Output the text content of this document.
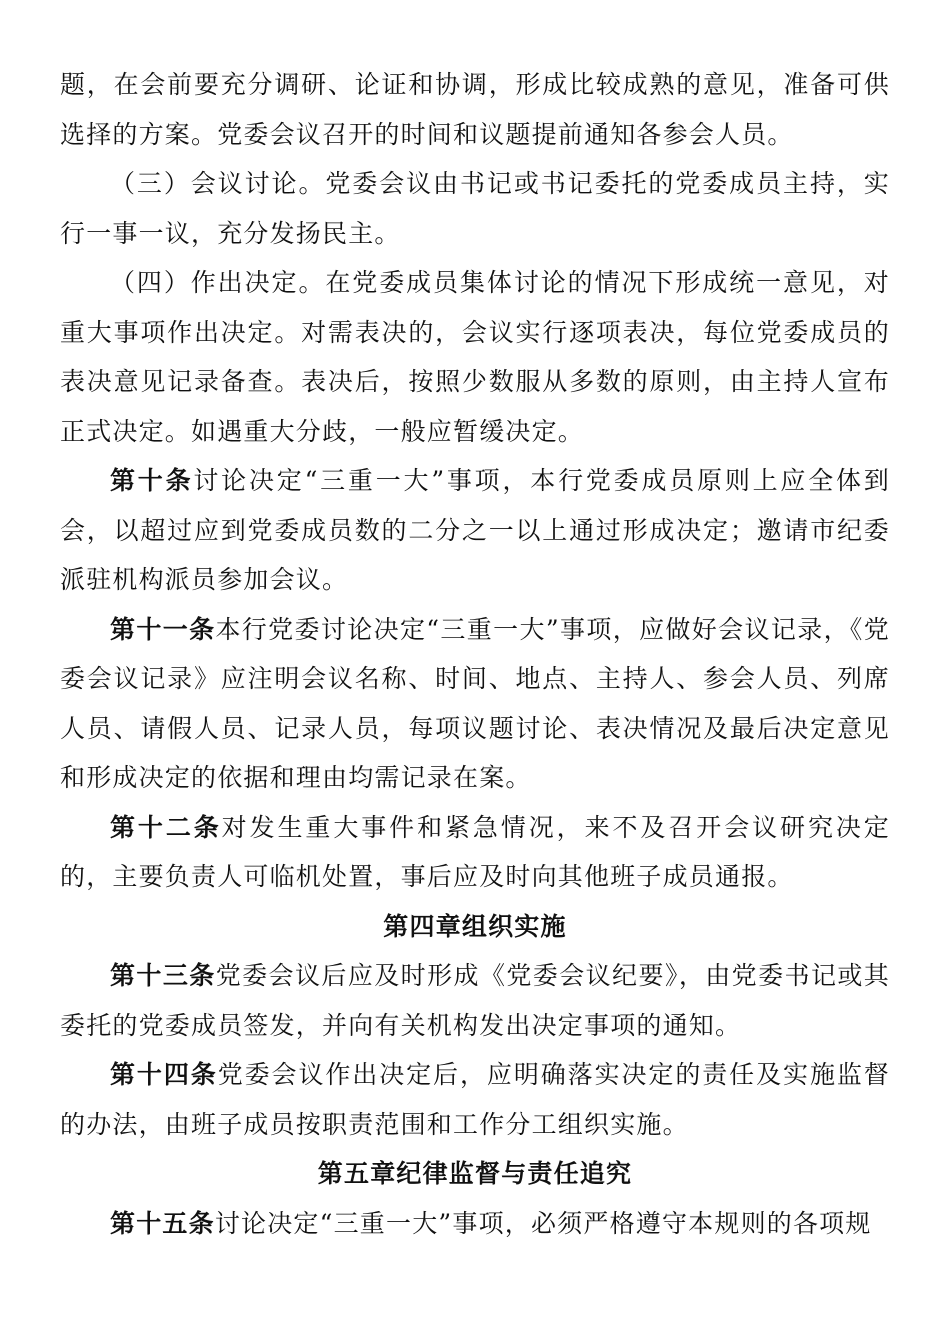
题，在会前要充分调研、论证和协调，形成比较成熟的意见，准备可供选择的方案。党委会议召开的时间和议题提前通知各参会人员。

（三）会议讨论。党委会议由书记或书记委托的党委成员主持，实行一事一议，充分发扬民主。

（四）作出决定。在党委成员集体讨论的情况下形成统一意见，对重大事项作出决定。对需表决的，会议实行逐项表决，每位党委成员的表决意见记录备查。表决后，按照少数服从多数的原则，由主持人宣布正式决定。如遇重大分歧，一般应暂缓决定。

第十条讨论决定“三重一大”事项，本行党委成员原则上应全体到会，以超过应到党委成员数的二分之一以上通过形成决定；邀请市纪委派驻机构派员参加会议。

第十一条本行党委讨论决定“三重一大”事项，应做好会议记录，《党委会议记录》应注明会议名称、时间、地点、主持人、参会人员、列席人员、请假人员、记录人员，每项议题讨论、表决情况及最后决定意见和形成决定的依据和理由均需记录在案。

第十二条对发生重大事件和紧急情况，来不及召开会议研究决定的，主要负责人可临机处置，事后应及时向其他班子成员通报。

第四章组织实施

第十三条党委会议后应及时形成《党委会议纪要》，由党委书记或其委托的党委成员签发，并向有关机构发出决定事项的通知。

第十四条党委会议作出决定后，应明确落实决定的责任及实施监督的办法，由班子成员按职责范围和工作分工组织实施。

第五章纪律监督与责任追究

第十五条讨论决定“三重一大”事项，必须严格遵守本规则的各项规
